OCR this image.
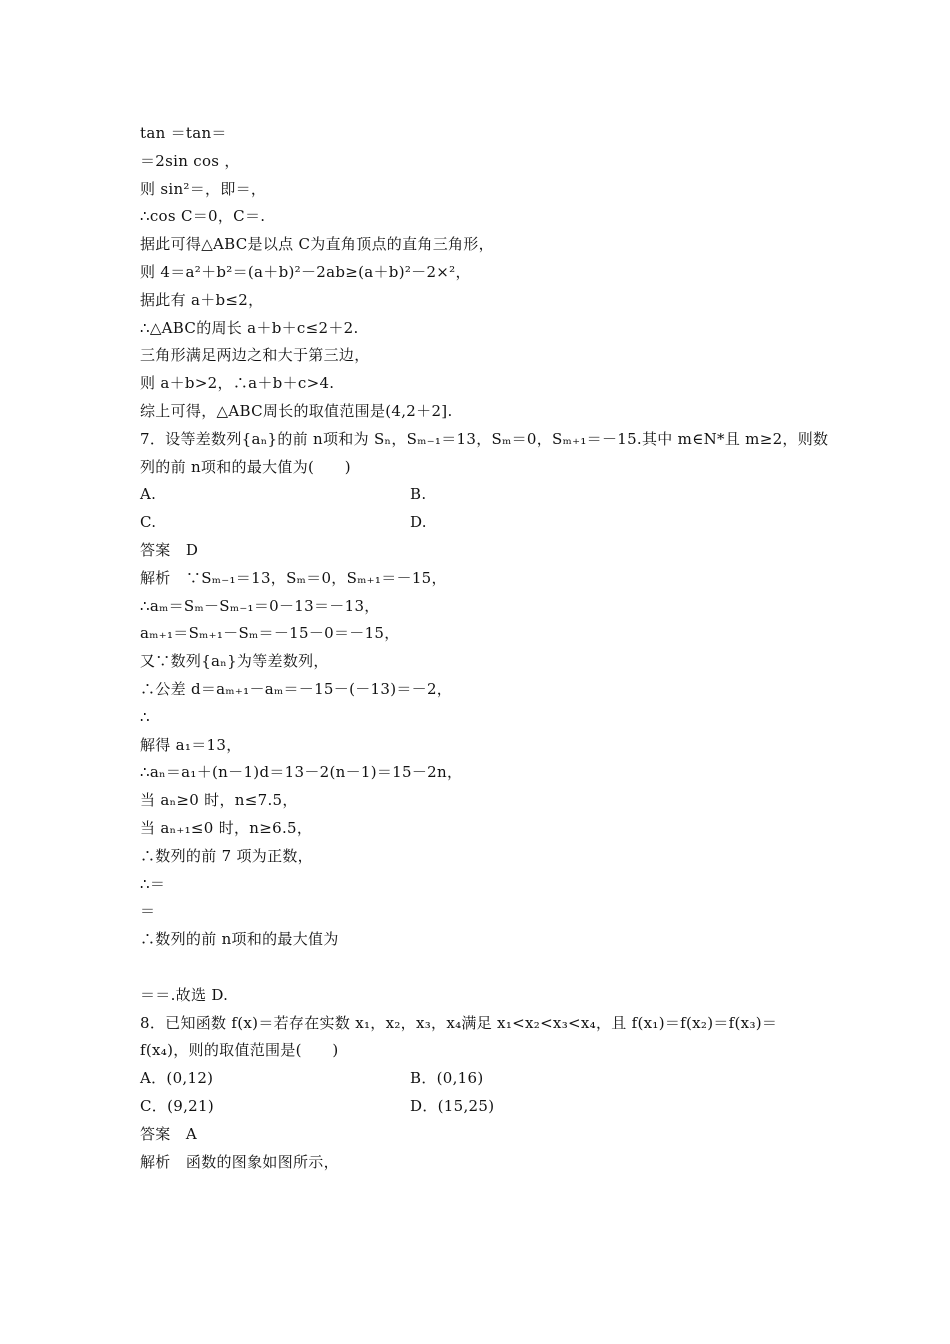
tan ＝tan＝
＝2sin cos ，
则 sin²＝，即＝，
∴cos C＝0，C＝.
据此可得△ABC是以点 C为直角顶点的直角三角形，
则 4＝a²＋b²＝(a＋b)²－2ab≥(a＋b)²－2×²，
据此有 a＋b≤2，
∴△ABC的周长 a＋b＋c≤2＋2.
三角形满足两边之和大于第三边，
则 a＋b>2，∴a＋b＋c>4.
综上可得，△ABC周长的取值范围是(4,2＋2].
7．设等差数列{aₙ}的前 n项和为 Sₙ，Sₘ₋₁＝13，Sₘ＝0，Sₘ₊₁＝－15.其中 m∈N*且 m≥2，则数
列的前 n项和的最大值为(　　)
A.	B.
C.	D.
答案　D
解析　∵Sₘ₋₁＝13，Sₘ＝0，Sₘ₊₁＝－15，
∴aₘ＝Sₘ－Sₘ₋₁＝0－13＝－13，
aₘ₊₁＝Sₘ₊₁－Sₘ＝－15－0＝－15，
又∵数列{aₙ}为等差数列，
∴公差 d＝aₘ₊₁－aₘ＝－15－(－13)＝－2，
∴
解得 a₁＝13，
∴aₙ＝a₁＋(n－1)d＝13－2(n－1)＝15－2n，
当 aₙ≥0 时，n≤7.5，
当 aₙ₊₁≤0 时，n≥6.5，
∴数列的前 7 项为正数，
∴＝
＝
∴数列的前 n项和的最大值为
＝＝.故选 D.
8．已知函数 f(x)＝若存在实数 x₁，x₂，x₃，x₄满足 x₁<x₂<x₃<x₄，且 f(x₁)＝f(x₂)＝f(x₃)＝
f(x₄)，则的取值范围是(　　)
A．(0,12)	B．(0,16)
C．(9,21)	D．(15,25)
答案　A
解析　函数的图象如图所示，
